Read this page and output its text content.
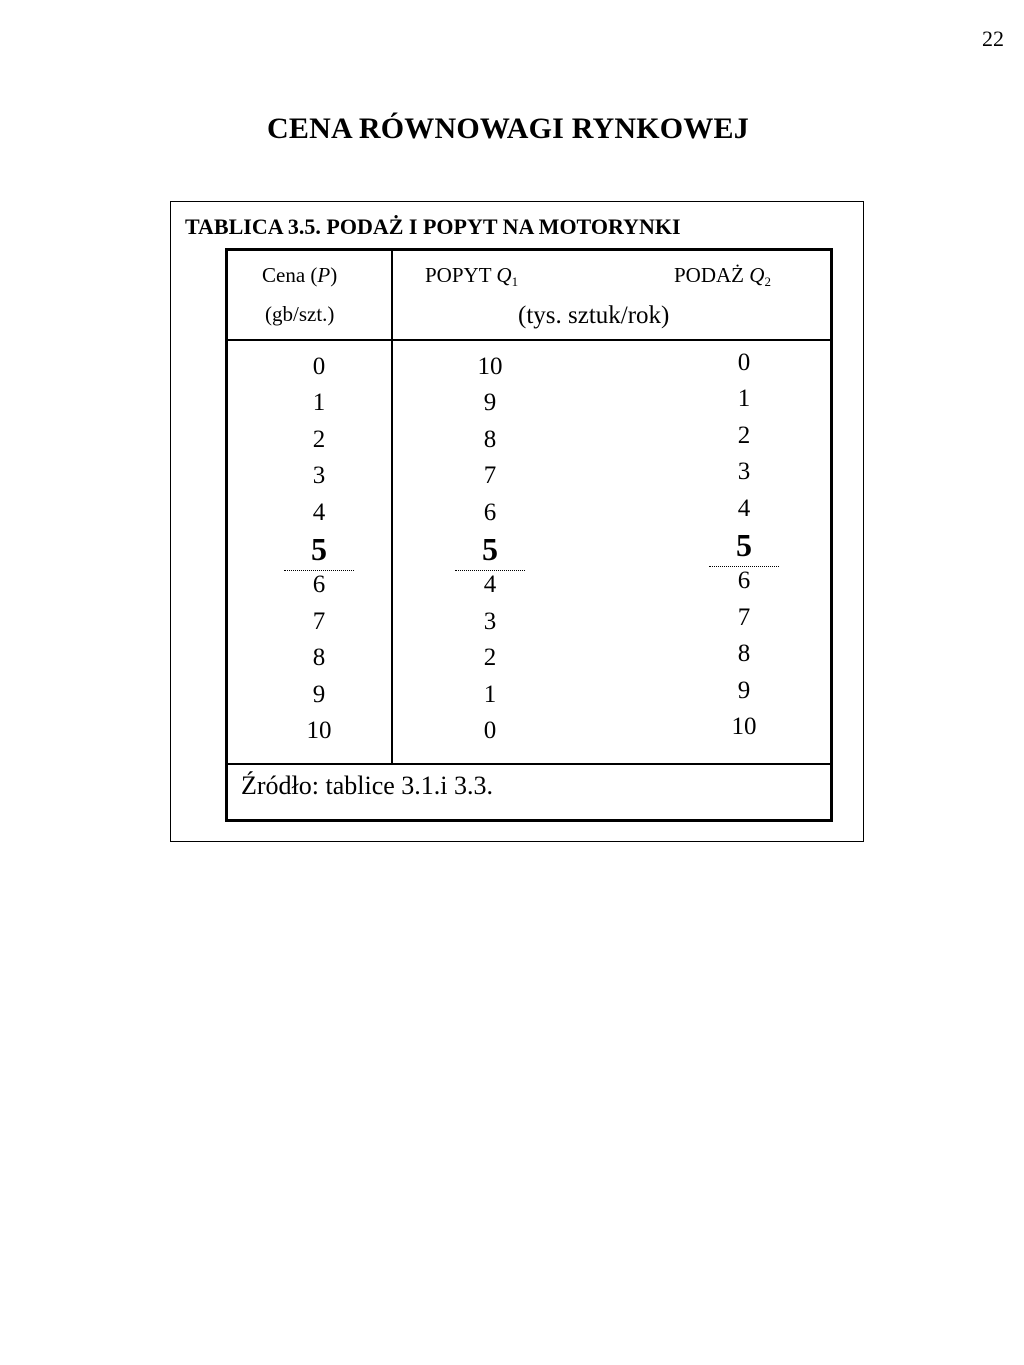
22
CENA RÓWNOWAGI RYNKOWEJ
TABLICA 3.5. PODAŻ I POPYT NA MOTORYNKI
Cena (P)
(gb/szt.)
POPYT $Q_1$	PODAŻ $Q_2$
(tys. sztuk/rok)
0
1
2
3
4
5
6
7
8
9
10
10
9
8
7
6
5
4
3
2
1
0
0
1
2
3
4
5
6
7
8
9
10
Źródło: tablice 3.1.i 3.3.
